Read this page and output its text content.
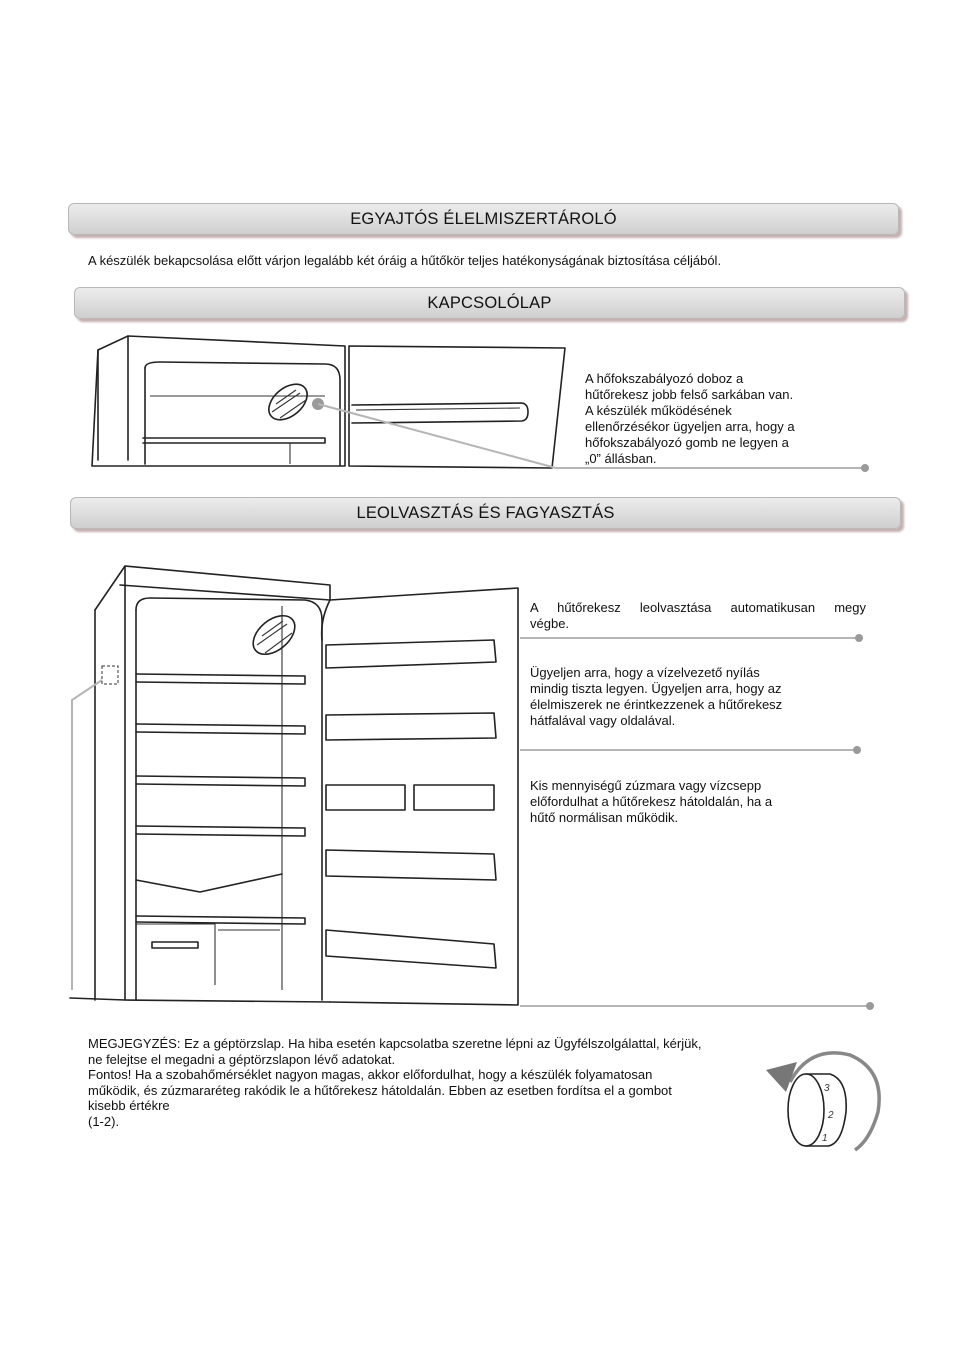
EGYAJTÓS ÉLELMISZERTÁROLÓ
A készülék bekapcsolása előtt várjon legalább két óráig a hűtőkör teljes hatékonyságának biztosítása céljából.
KAPCSOLÓLAP
A hőfokszabályozó doboz a
hűtőrekesz jobb felső sarkában van.
A készülék működésének
ellenőrzésékor ügyeljen arra, hogy a
hőfokszabályozó gomb ne legyen a
„0” állásban.
LEOLVASZTÁS ÉS FAGYASZTÁS
A hűtőrekesz leolvasztása automatikusan megy
végbe.
Ügyeljen arra, hogy a vízelvezető nyílás
mindig tiszta legyen. Ügyeljen arra, hogy az
élelmiszerek ne érintkezzenek a hűtőrekesz
hátfalával vagy oldalával.
Kis mennyiségű zúzmara vagy vízcsepp
előfordulhat a hűtőrekesz hátoldalán, ha a
hűtő normálisan működik.
MEGJEGYZÉS: Ez a géptörzslap. Ha hiba esetén kapcsolatba szeretne lépni az Ügyfélszolgálattal, kérjük,
ne felejtse el megadni a géptörzslapon lévő adatokat.
Fontos! Ha a szobahőmérséklet nagyon magas, akkor előfordulhat, hogy a készülék folyamatosan
működik, és zúzmararéteg rakódik le a hűtőrekesz hátoldalán. Ebben az esetben fordítsa el a gombot
kisebb értékre
(1-2).
3
2
1
